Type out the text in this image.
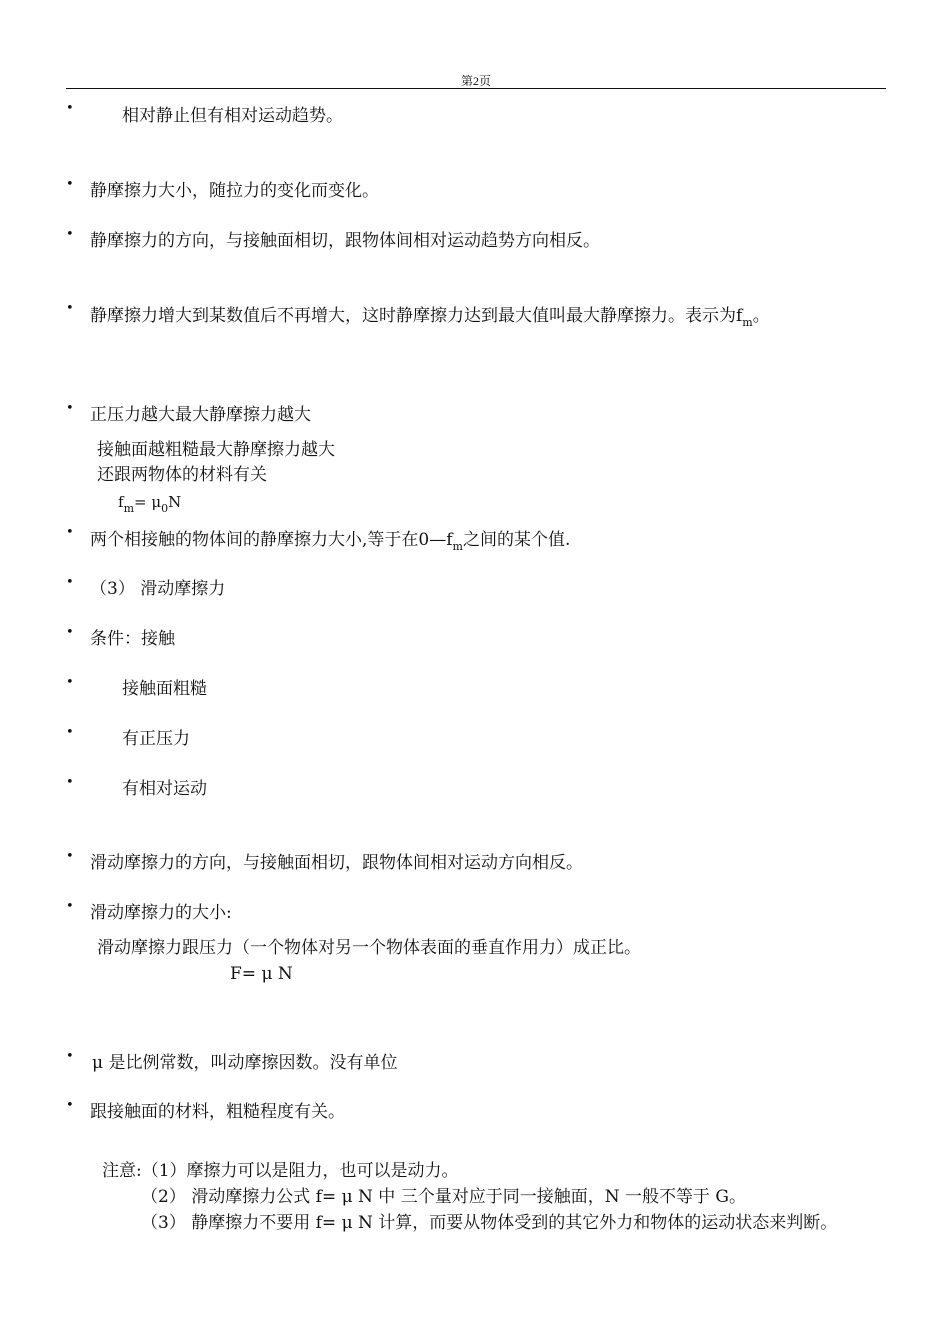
第2页
•	相对静止但有相对运动趋势。
• 静摩擦力大小，随拉力的变化而变化。
• 静摩擦力的方向，与接触面相切，跟物体间相对运动趋势方向相反。
• 静摩擦力增大到某数值后不再增大，这时静摩擦力达到最大值叫最大静摩擦力。表示为$f_m$。
• 正压力越大最大静摩擦力越大
接触面越粗糙最大静摩擦力越大
还跟两物体的材料有关
$f_m= \mu_0N$
• 两个相接触的物体间的静摩擦力大小,等于在$0—f_m$之间的某个值.
• （3） 滑动摩擦力
• 条件：接触
•	接触面粗糙
•	有正压力
•	有相对运动
• 滑动摩擦力的方向，与接触面相切，跟物体间相对运动方向相反。
• 滑动摩擦力的大小:
滑动摩擦力跟压力（一个物体对另一个物体表面的垂直作用力）成正比。
F= μ N
• μ 是比例常数，叫动摩擦因数。没有单位
• 跟接触面的材料，粗糙程度有关。
注意:（1）摩擦力可以是阻力，也可以是动力。
（2） 滑动摩擦力公式 f= μ N 中 三个量对应于同一接触面，N 一般不等于 G。
（3） 静摩擦力不要用 f= μ N 计算，而要从物体受到的其它外力和物体的运动状态来判断。
